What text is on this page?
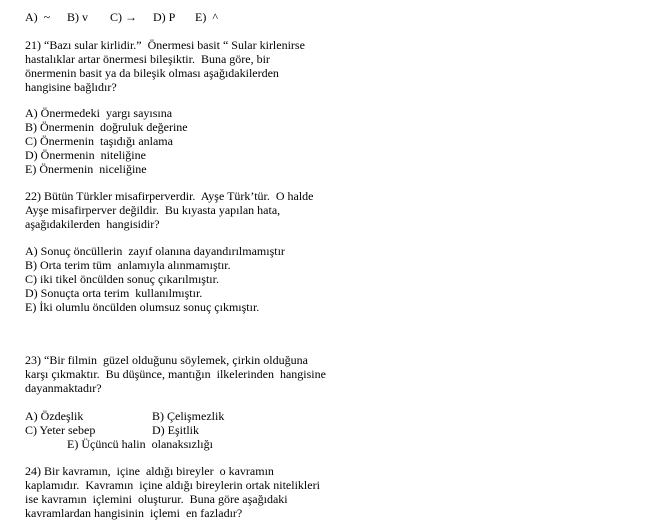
A)  ~ B) v C) → D) P E)  ^
21) “Bazı sular kirlidir.”  Önermesi basit “ Sular kirlenirse
hastalıklar artar önermesi bileşiktir.  Buna göre, bir
önermenin basit ya da bileşik olması aşağıdakilerden
hangisine bağlıdır?
A) Önermedeki  yargı sayısına
B) Önermenin  doğruluk değerine
C) Önermenin  taşıdığı anlama
D) Önermenin  niteliğine
E) Önermenin  niceliğine
22) Bütün Türkler misafirperverdir.  Ayşe Türk’tür.  O halde
Ayşe misafirperver değildir.  Bu kıyasta yapılan hata,
aşağıdakilerden  hangisidir?
A) Sonuç öncüllerin  zayıf olanına dayandırılmamıştır
B) Orta terim tüm  anlamıyla alınmamıştır.
C) iki tikel öncülden sonuç çıkarılmıştır.
D) Sonuçta orta terim  kullanılmıştır.
E) İki olumlu öncülden olumsuz sonuç çıkmıştır.
23) “Bir filmin  güzel olduğunu söylemek, çirkin olduğuna
karşı çıkmaktır.  Bu düşünce, mantığın  ilkelerinden  hangisine
dayanmaktadır?
A) Özdeşlik	B) Çelişmezlik
C) Yeter sebep	D) Eşitlik
E) Üçüncü halin  olanaksızlığı
24) Bir kavramın,  içine  aldığı bireyler  o kavramın
kaplamıdır.  Kavramın  içine aldığı bireylerin ortak nitelikleri
ise kavramın  içlemini  oluşturur.  Buna göre aşağıdaki
kavramlardan hangisinin  içlemi  en fazladır?
